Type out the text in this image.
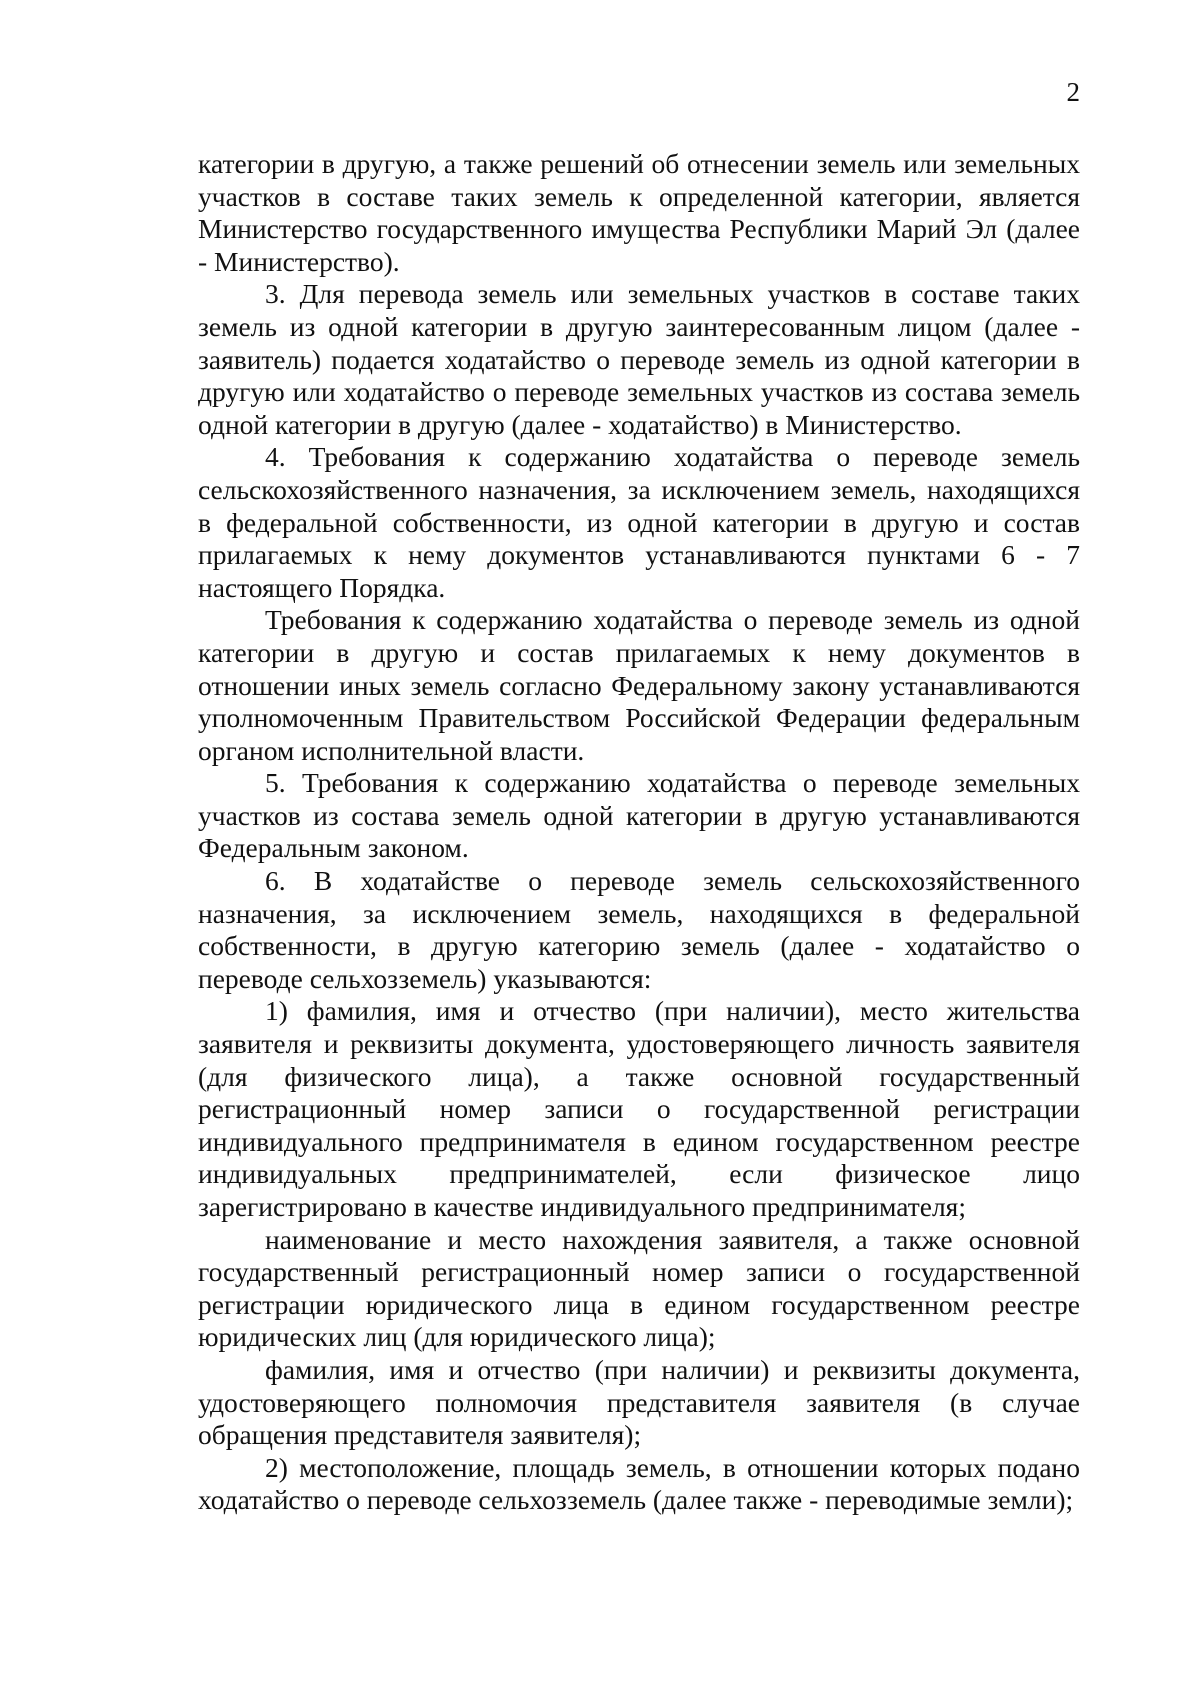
2

категории в другую, а также решений об отнесении земель или земельных участков в составе таких земель к определенной категории, является Министерство государственного имущества Республики Марий Эл (далее - Министерство).

3. Для перевода земель или земельных участков в составе таких земель из одной категории в другую заинтересованным лицом (далее - заявитель) подается ходатайство о переводе земель из одной категории в другую или ходатайство о переводе земельных участков из состава земель одной категории в другую (далее - ходатайство) в Министерство.

4. Требования к содержанию ходатайства о переводе земель сельскохозяйственного назначения, за исключением земель, находящихся в федеральной собственности, из одной категории в другую и состав прилагаемых к нему документов устанавливаются пунктами 6 - 7 настоящего Порядка.

Требования к содержанию ходатайства о переводе земель из одной категории в другую и состав прилагаемых к нему документов в отношении иных земель согласно Федеральному закону устанавливаются уполномоченным Правительством Российской Федерации федеральным органом исполнительной власти.

5. Требования к содержанию ходатайства о переводе земельных участков из состава земель одной категории в другую устанавливаются Федеральным законом.

6. В ходатайстве о переводе земель сельскохозяйственного назначения, за исключением земель, находящихся в федеральной собственности, в другую категорию земель (далее - ходатайство о переводе сельхозземель) указываются:

1) фамилия, имя и отчество (при наличии), место жительства заявителя и реквизиты документа, удостоверяющего личность заявителя (для физического лица), а также основной государственный регистрационный номер записи о государственной регистрации индивидуального предпринимателя в едином государственном реестре индивидуальных предпринимателей, если физическое лицо зарегистрировано в качестве индивидуального предпринимателя;

наименование и место нахождения заявителя, а также основной государственный регистрационный номер записи о государственной регистрации юридического лица в едином государственном реестре юридических лиц (для юридического лица);

фамилия, имя и отчество (при наличии) и реквизиты документа, удостоверяющего полномочия представителя заявителя (в случае обращения представителя заявителя);

2) местоположение, площадь земель, в отношении которых подано ходатайство о переводе сельхозземель (далее также - переводимые земли);
